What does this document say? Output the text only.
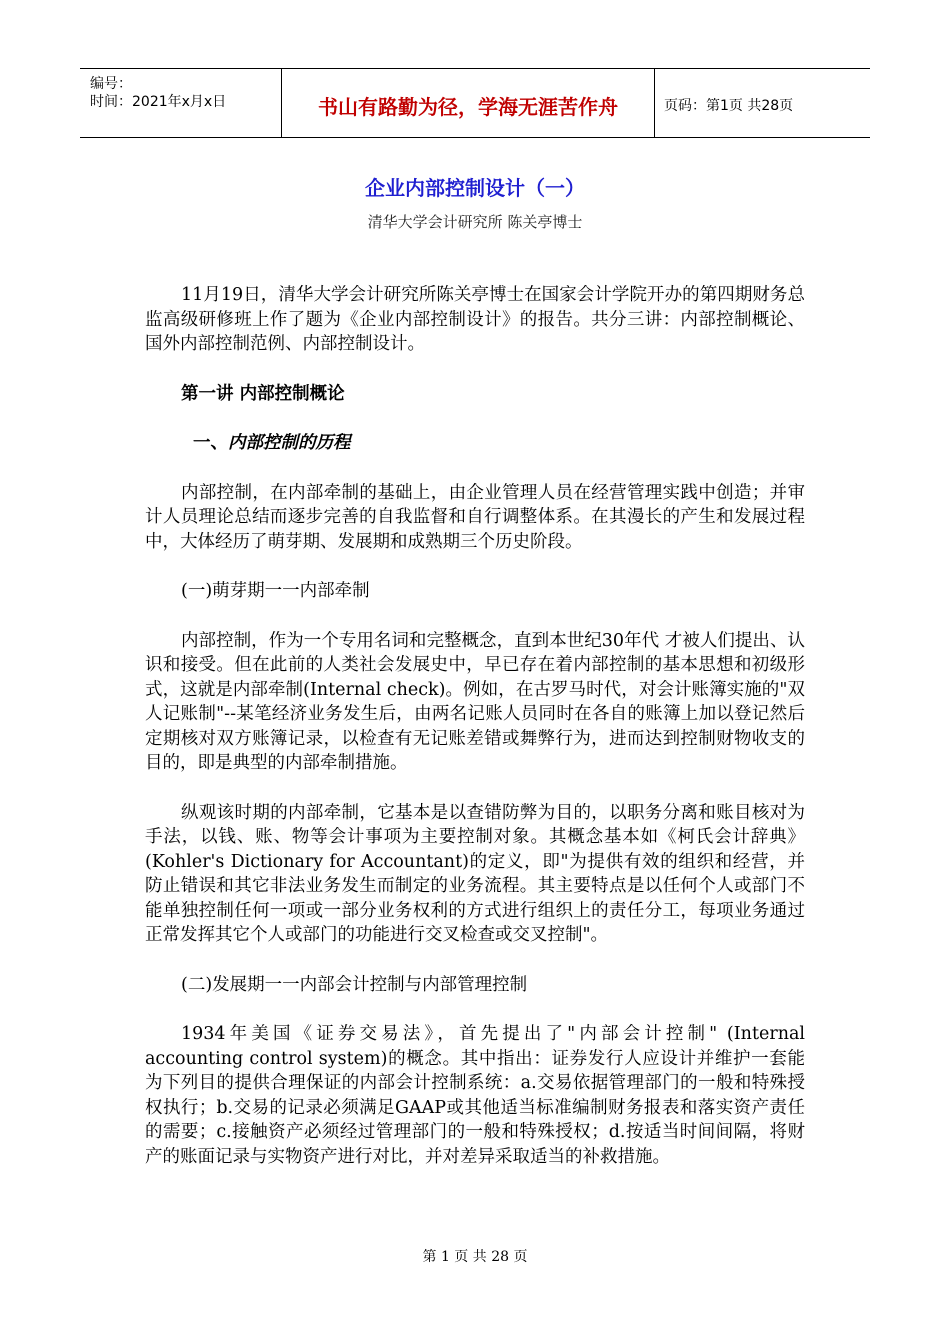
编号：
时间：2021年x月x日	书山有路勤为径，学海无涯苦作舟	页码：第1页 共28页
企业内部控制设计（一）
清华大学会计研究所 陈关亭博士

11月19日，清华大学会计研究所陈关亭博士在国家会计学院开办的第四期财务总监高级研修班上作了题为《企业内部控制设计》的报告。共分三讲：内部控制概论、国外内部控制范例、内部控制设计。

第一讲 内部控制概论
一、内部控制的历程

内部控制，在内部牵制的基础上，由企业管理人员在经营管理实践中创造；并审计人员理论总结而逐步完善的自我监督和自行调整体系。在其漫长的产生和发展过程中，大体经历了萌芽期、发展期和成熟期三个历史阶段。

(一)萌芽期一一内部牵制

内部控制，作为一个专用名词和完整概念，直到本世纪30年代 才被人们提出、认识和接受。但在此前的人类社会发展史中，早已存在着内部控制的基本思想和初级形式，这就是内部牵制(Internal check)。例如，在古罗马时代，对会计账簿实施的"双人记账制"--某笔经济业务发生后，由两名记账人员同时在各自的账簿上加以登记然后定期核对双方账簿记录，以检查有无记账差错或舞弊行为，进而达到控制财物收支的目的，即是典型的内部牵制措施。

纵观该时期的内部牵制，它基本是以查错防弊为目的，以职务分离和账目核对为手法，以钱、账、物等会计事项为主要控制对象。其概念基本如《柯氏会计辞典》(Kohler's Dictionary for Accountant)的定义，即"为提供有效的组织和经营，并防止错误和其它非法业务发生而制定的业务流程。其主要特点是以任何个人或部门不能单独控制任何一项或一部分业务权利的方式进行组织上的责任分工，每项业务通过正常发挥其它个人或部门的功能进行交叉检查或交叉控制"。

(二)发展期一一内部会计控制与内部管理控制

1934年美国《证券交易法》，首先提出了"内部会计控制" (Internal accounting control system)的概念。其中指出：证券发行人应设计并维护一套能为下列目的提供合理保证的内部会计控制系统：a.交易依据管理部门的一般和特殊授权执行；b.交易的记录必须满足GAAP或其他适当标准编制财务报表和落实资产责任的需要；c.接触资产必须经过管理部门的一般和特殊授权；d.按适当时间间隔，将财产的账面记录与实物资产进行对比，并对差异采取适当的补救措施。

第 1 页 共 28 页
